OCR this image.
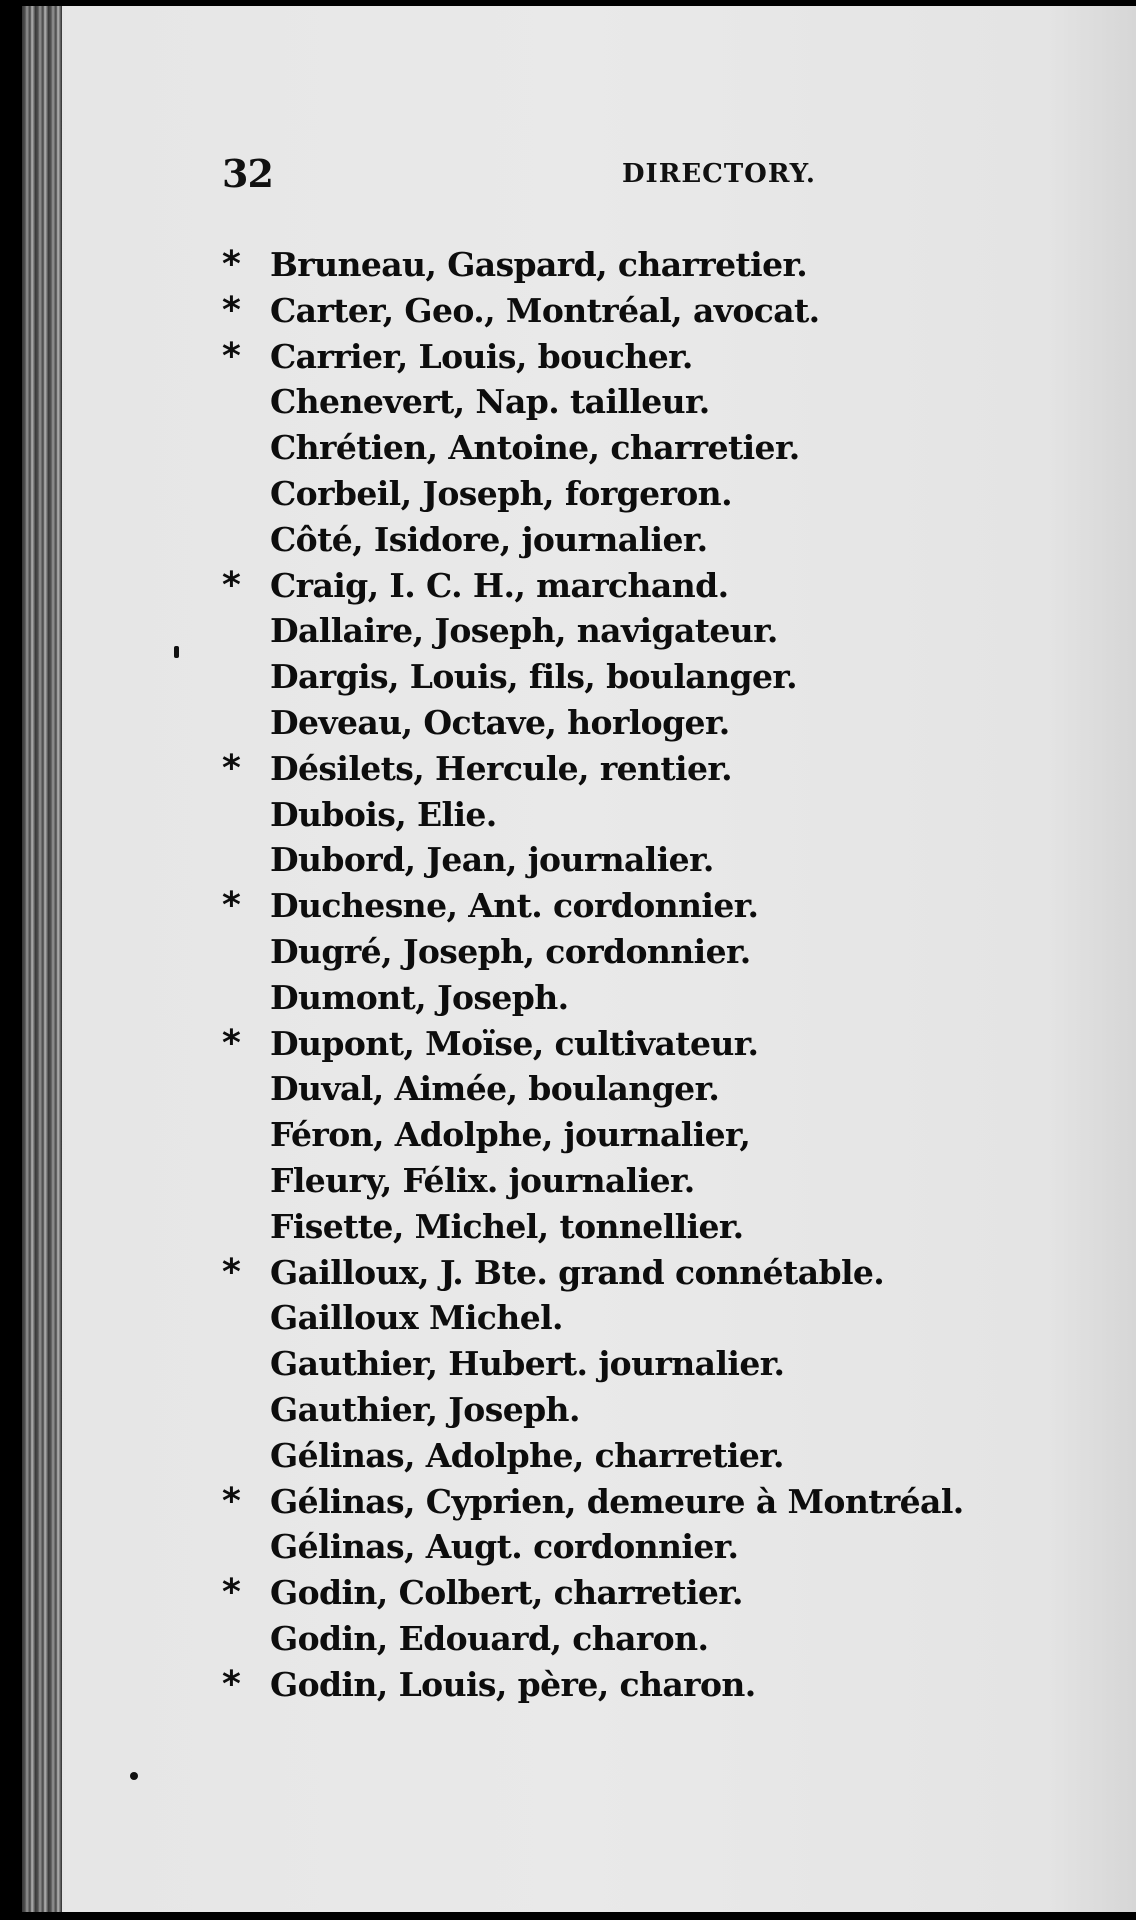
32	DIRECTORY.
* Bruneau, Gaspard, charretier.
* Carter, Geo., Montréal, avocat.
* Carrier, Louis, boucher.
Chenevert, Nap. tailleur.
Chrétien, Antoine, charretier.
Corbeil, Joseph, forgeron.
Côté, Isidore, journalier.
* Craig, I. C. H., marchand.
Dallaire, Joseph, navigateur.
Dargis, Louis, fils, boulanger.
Deveau, Octave, horloger.
* Désilets, Hercule, rentier.
Dubois, Elie.
Dubord, Jean, journalier.
* Duchesne, Ant. cordonnier.
Dugré, Joseph, cordonnier.
Dumont, Joseph.
* Dupont, Moïse, cultivateur.
Duval, Aimée, boulanger.
Féron, Adolphe, journalier,
Fleury, Félix. journalier.
Fisette, Michel, tonnellier.
* Gailloux, J. Bte. grand connétable.
Gailloux Michel.
Gauthier, Hubert. journalier.
Gauthier, Joseph.
Gélinas, Adolphe, charretier.
* Gélinas, Cyprien, demeure à Montréal.
Gélinas, Augt. cordonnier.
* Godin, Colbert, charretier.
Godin, Edouard, charon.
* Godin, Louis, père, charon.
